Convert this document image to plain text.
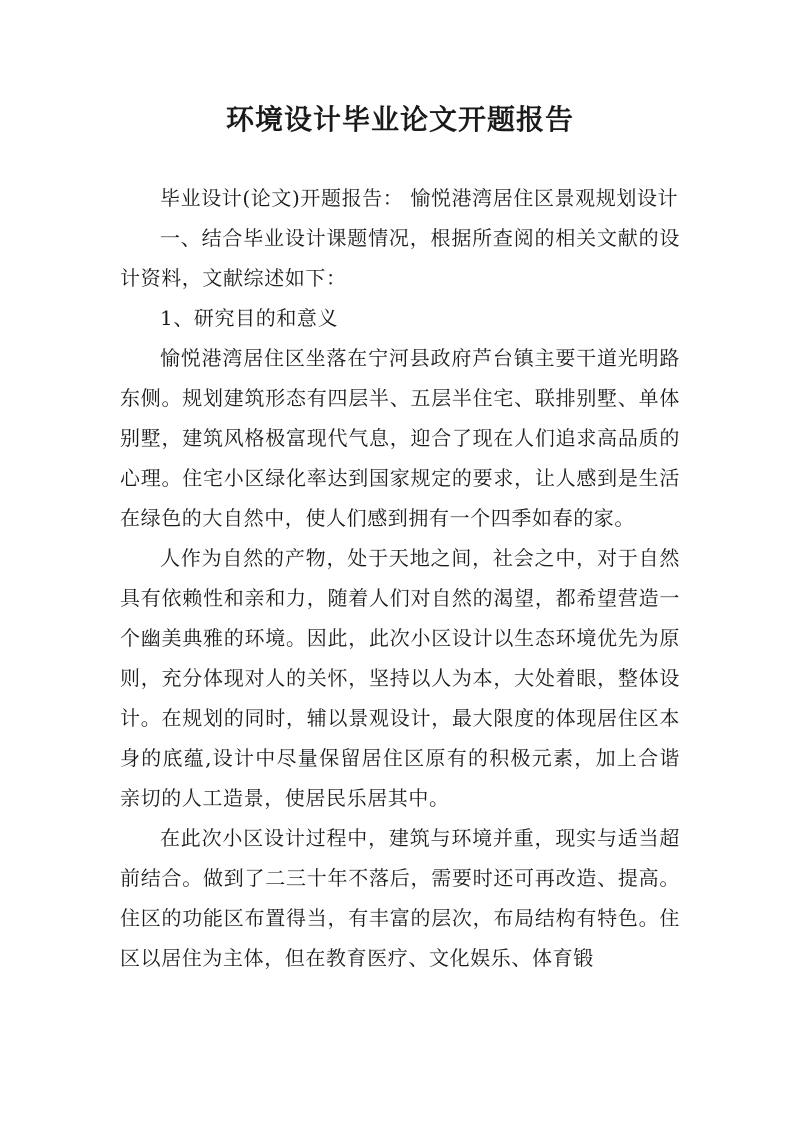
环境设计毕业论文开题报告

毕业设计(论文)开题报告： 愉悦港湾居住区景观规划设计

一、结合毕业设计课题情况，根据所查阅的相关文献的设计资料，文献综述如下：

1、研究目的和意义

愉悦港湾居住区坐落在宁河县政府芦台镇主要干道光明路东侧。规划建筑形态有四层半、五层半住宅、联排别墅、单体别墅，建筑风格极富现代气息，迎合了现在人们追求高品质的心理。住宅小区绿化率达到国家规定的要求，让人感到是生活在绿色的大自然中，使人们感到拥有一个四季如春的家。

人作为自然的产物，处于天地之间，社会之中，对于自然具有依赖性和亲和力，随着人们对自然的渴望，都希望营造一个幽美典雅的环境。因此，此次小区设计以生态环境优先为原则，充分体现对人的关怀，坚持以人为本，大处着眼，整体设计。在规划的同时，辅以景观设计，最大限度的体现居住区本身的底蕴,设计中尽量保留居住区原有的积极元素，加上合谐亲切的人工造景，使居民乐居其中。

在此次小区设计过程中，建筑与环境并重，现实与适当超前结合。做到了二三十年不落后，需要时还可再改造、提高。住区的功能区布置得当，有丰富的层次，布局结构有特色。住区以居住为主体，但在教育医疗、文化娱乐、体育锻
